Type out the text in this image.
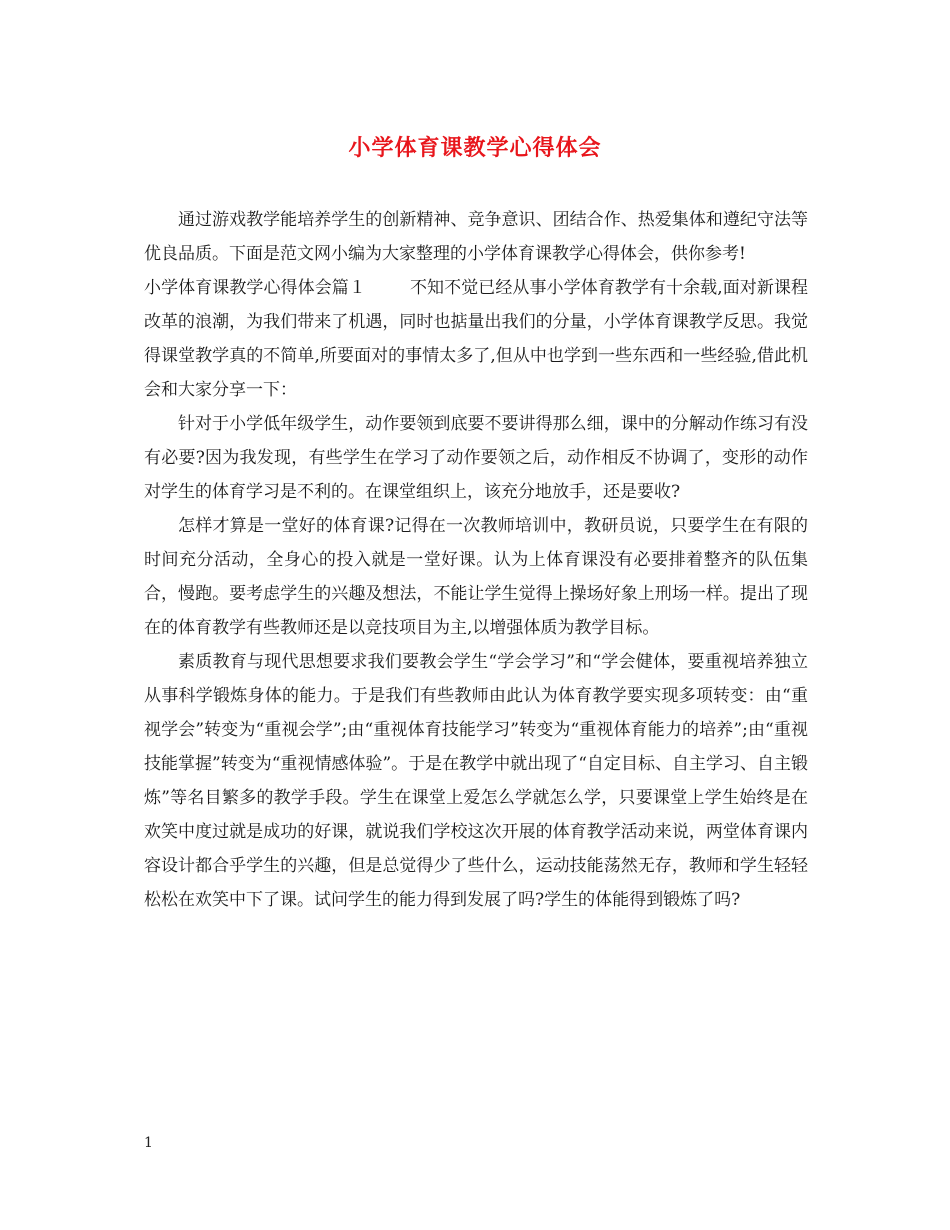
小学体育课教学心得体会

通过游戏教学能培养学生的创新精神、竞争意识、团结合作、热爱集体和遵纪守法等优良品质。下面是范文网小编为大家整理的小学体育课教学心得体会，供你参考!

小学体育课教学心得体会篇１	不知不觉已经从事小学体育教学有十余载,面对新课程改革的浪潮，为我们带来了机遇，同时也掂量出我们的分量，小学体育课教学反思。我觉得课堂教学真的不简单,所要面对的事情太多了,但从中也学到一些东西和一些经验,借此机会和大家分享一下：

针对于小学低年级学生，动作要领到底要不要讲得那么细，课中的分解动作练习有没有必要?因为我发现，有些学生在学习了动作要领之后，动作相反不协调了，变形的动作对学生的体育学习是不利的。在课堂组织上，该充分地放手，还是要收?

怎样才算是一堂好的体育课?记得在一次教师培训中，教研员说，只要学生在有限的时间充分活动，全身心的投入就是一堂好课。认为上体育课没有必要排着整齐的队伍集合，慢跑。要考虑学生的兴趣及想法，不能让学生觉得上操场好象上刑场一样。提出了现在的体育教学有些教师还是以竞技项目为主,以增强体质为教学目标。

素质教育与现代思想要求我们要教会学生“学会学习”和“学会健体，要重视培养独立从事科学锻炼身体的能力。于是我们有些教师由此认为体育教学要实现多项转变：由“重视学会”转变为“重视会学”;由“重视体育技能学习”转变为“重视体育能力的培养”;由“重视技能掌握”转变为“重视情感体验”。于是在教学中就出现了“自定目标、自主学习、自主锻炼”等名目繁多的教学手段。学生在课堂上爱怎么学就怎么学，只要课堂上学生始终是在欢笑中度过就是成功的好课，就说我们学校这次开展的体育教学活动来说，两堂体育课内容设计都合乎学生的兴趣，但是总觉得少了些什么，运动技能荡然无存，教师和学生轻轻松松在欢笑中下了课。试问学生的能力得到发展了吗?学生的体能得到锻炼了吗?

1
